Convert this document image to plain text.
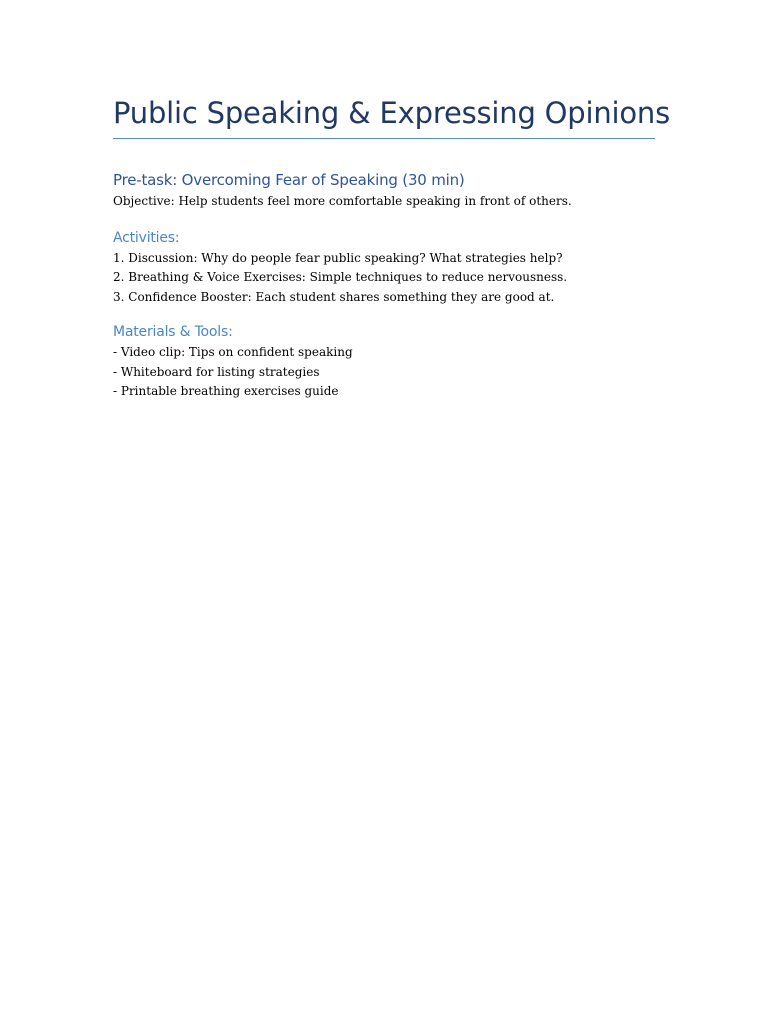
Public Speaking & Expressing Opinions
Pre-task: Overcoming Fear of Speaking (30 min)

Objective: Help students feel more comfortable speaking in front of others.

Activities:
1. Discussion: Why do people fear public speaking? What strategies help?
2. Breathing & Voice Exercises: Simple techniques to reduce nervousness.
3. Confidence Booster: Each student shares something they are good at.
Materials & Tools:
- Video clip: Tips on confident speaking
- Whiteboard for listing strategies
- Printable breathing exercises guide
